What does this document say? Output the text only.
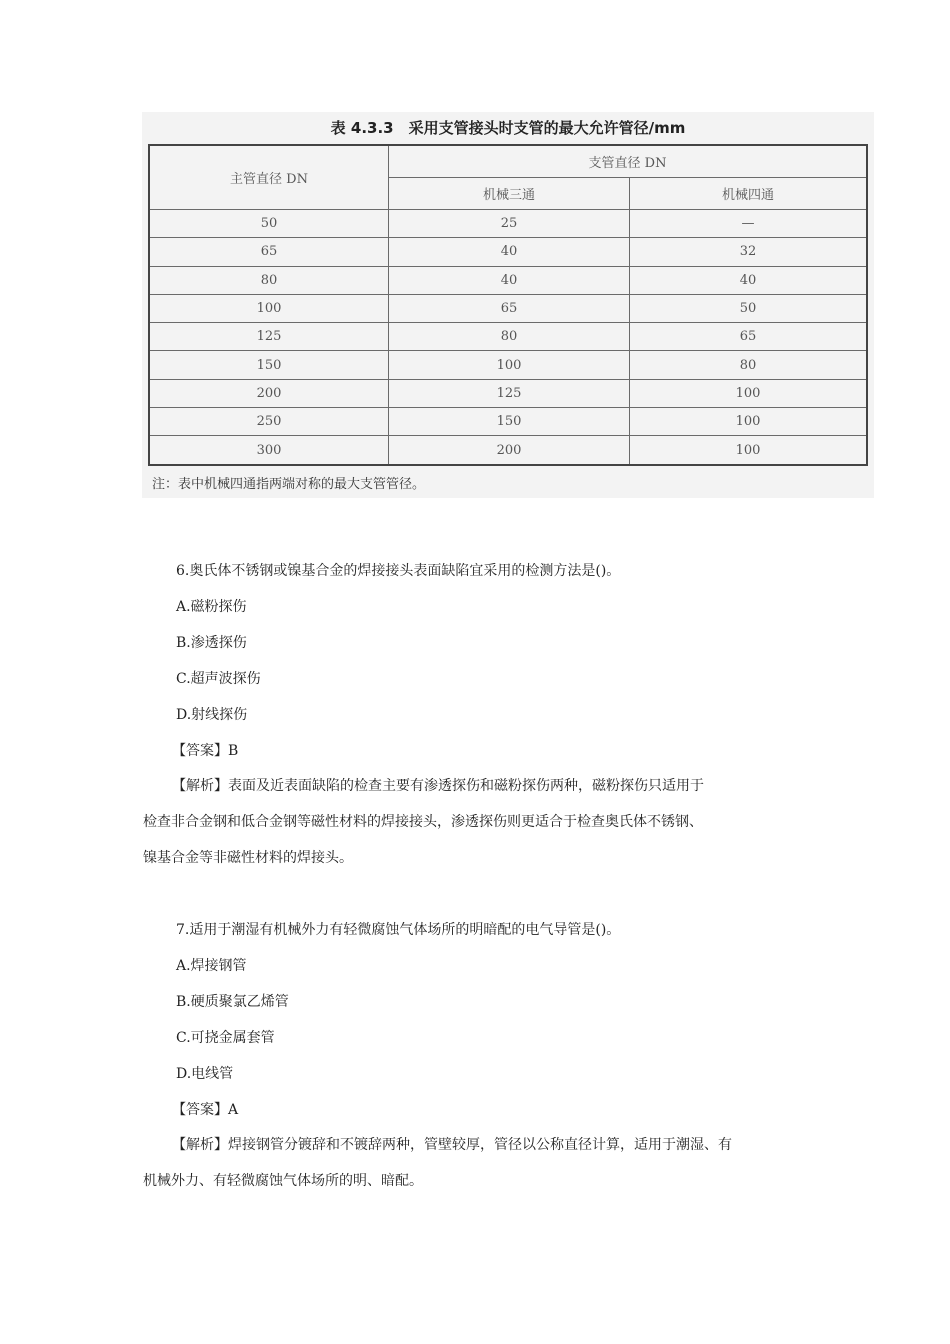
表 4.3.3　采用支管接头时支管的最大允许管径/mm
主管直径 DN	支管直径 DN	
	机械三通	机械四通
50	25	—
65	40	32
80	40	40
100	65	50
125	80	65
150	100	80
200	125	100
250	150	100
300	200	100
注：表中机械四通指两端对称的最大支管管径。
6.奥氏体不锈钢或镍基合金的焊接接头表面缺陷宜采用的检测方法是()。
A.磁粉探伤
B.渗透探伤
C.超声波探伤
D.射线探伤
【答案】B
【解析】表面及近表面缺陷的检查主要有渗透探伤和磁粉探伤两种，磁粉探伤只适用于
检查非合金钢和低合金钢等磁性材料的焊接接头，渗透探伤则更适合于检查奥氏体不锈钢、
镍基合金等非磁性材料的焊接头。
7.适用于潮湿有机械外力有轻微腐蚀气体场所的明暗配的电气导管是()。
A.焊接钢管
B.硬质聚氯乙烯管
C.可挠金属套管
D.电线管
【答案】A
【解析】焊接钢管分镀辞和不镀辞两种，管壁较厚，管径以公称直径计算，适用于潮湿、有
机械外力、有轻微腐蚀气体场所的明、暗配。
